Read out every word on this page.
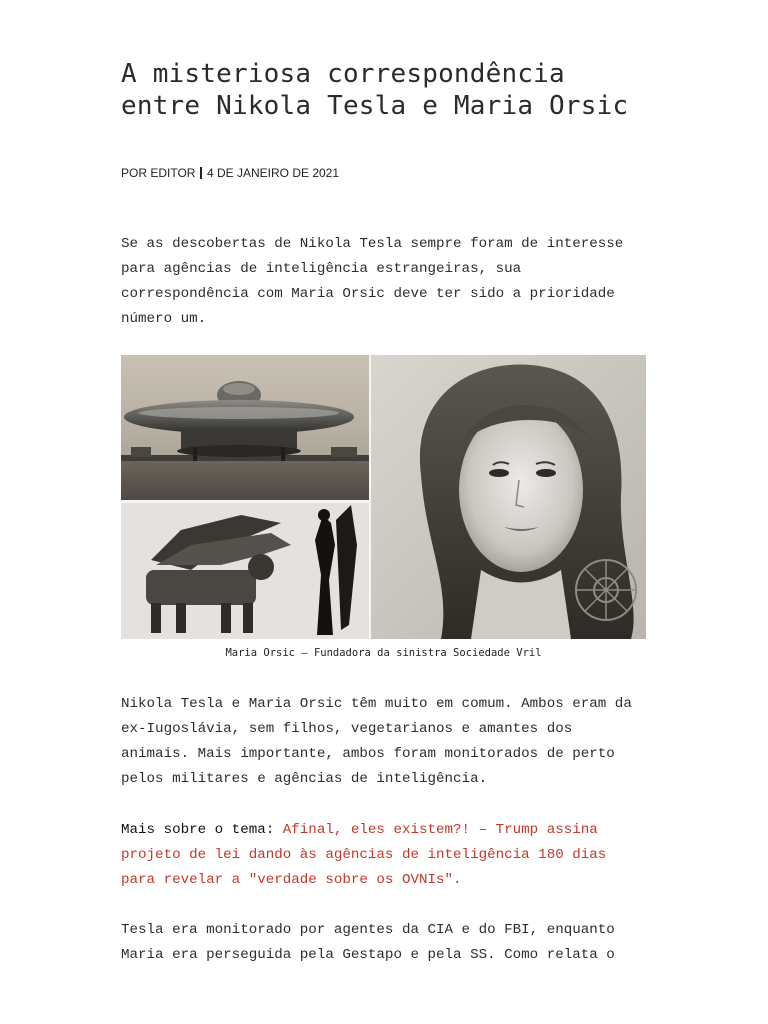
A misteriosa correspondência entre Nikola Tesla e Maria Orsic
POR EDITOR 4 DE JANEIRO DE 2021

Se as descobertas de Nikola Tesla sempre foram de interesse para agências de inteligência estrangeiras, sua correspondência com Maria Orsic deve ter sido a prioridade número um.

Maria Orsic – Fundadora da sinistra Sociedade Vril

Nikola Tesla e Maria Orsic têm muito em comum. Ambos eram da ex-Iugoslávia, sem filhos, vegetarianos e amantes dos animais. Mais importante, ambos foram monitorados de perto pelos militares e agências de inteligência.

Mais sobre o tema: Afinal, eles existem?! – Trump assina projeto de lei dando às agências de inteligência 180 dias para revelar a "verdade sobre os OVNIs".

Tesla era monitorado por agentes da CIA e do FBI, enquanto Maria era perseguida pela Gestapo e pela SS. Como relata o
